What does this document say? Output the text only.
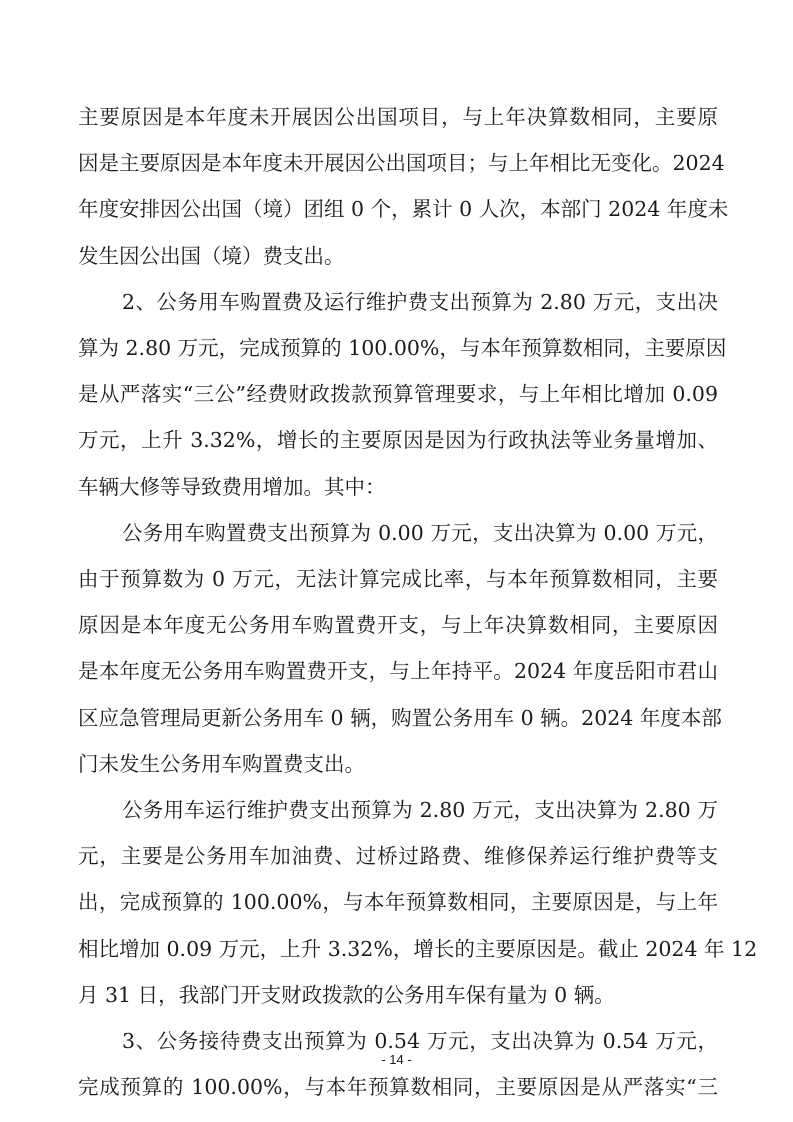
主要原因是本年度未开展因公出国项目，与上年决算数相同，主要原
因是主要原因是本年度未开展因公出国项目；与上年相比无变化。2024
年度安排因公出国（境）团组 0 个，累计 0 人次，本部门 2024 年度未
发生因公出国（境）费支出。
2、公务用车购置费及运行维护费支出预算为 2.80 万元，支出决
算为 2.80 万元，完成预算的 100.00%，与本年预算数相同，主要原因
是从严落实“三公”经费财政拨款预算管理要求，与上年相比增加 0.09
万元，上升 3.32%，增长的主要原因是因为行政执法等业务量增加、
车辆大修等导致费用增加。其中：
公务用车购置费支出预算为 0.00 万元，支出决算为 0.00 万元，
由于预算数为 0 万元，无法计算完成比率，与本年预算数相同，主要
原因是本年度无公务用车购置费开支，与上年决算数相同，主要原因
是本年度无公务用车购置费开支，与上年持平。2024 年度岳阳市君山
区应急管理局更新公务用车 0 辆，购置公务用车 0 辆。2024 年度本部
门未发生公务用车购置费支出。
公务用车运行维护费支出预算为 2.80 万元，支出决算为 2.80 万
元，主要是公务用车加油费、过桥过路费、维修保养运行维护费等支
出，完成预算的 100.00%，与本年预算数相同，主要原因是，与上年
相比增加 0.09 万元，上升 3.32%，增长的主要原因是。截止 2024 年 12
月 31 日，我部门开支财政拨款的公务用车保有量为 0 辆。
3、公务接待费支出预算为 0.54 万元，支出决算为 0.54 万元，
完成预算的 100.00%，与本年预算数相同，主要原因是从严落实“三
- 14 -
